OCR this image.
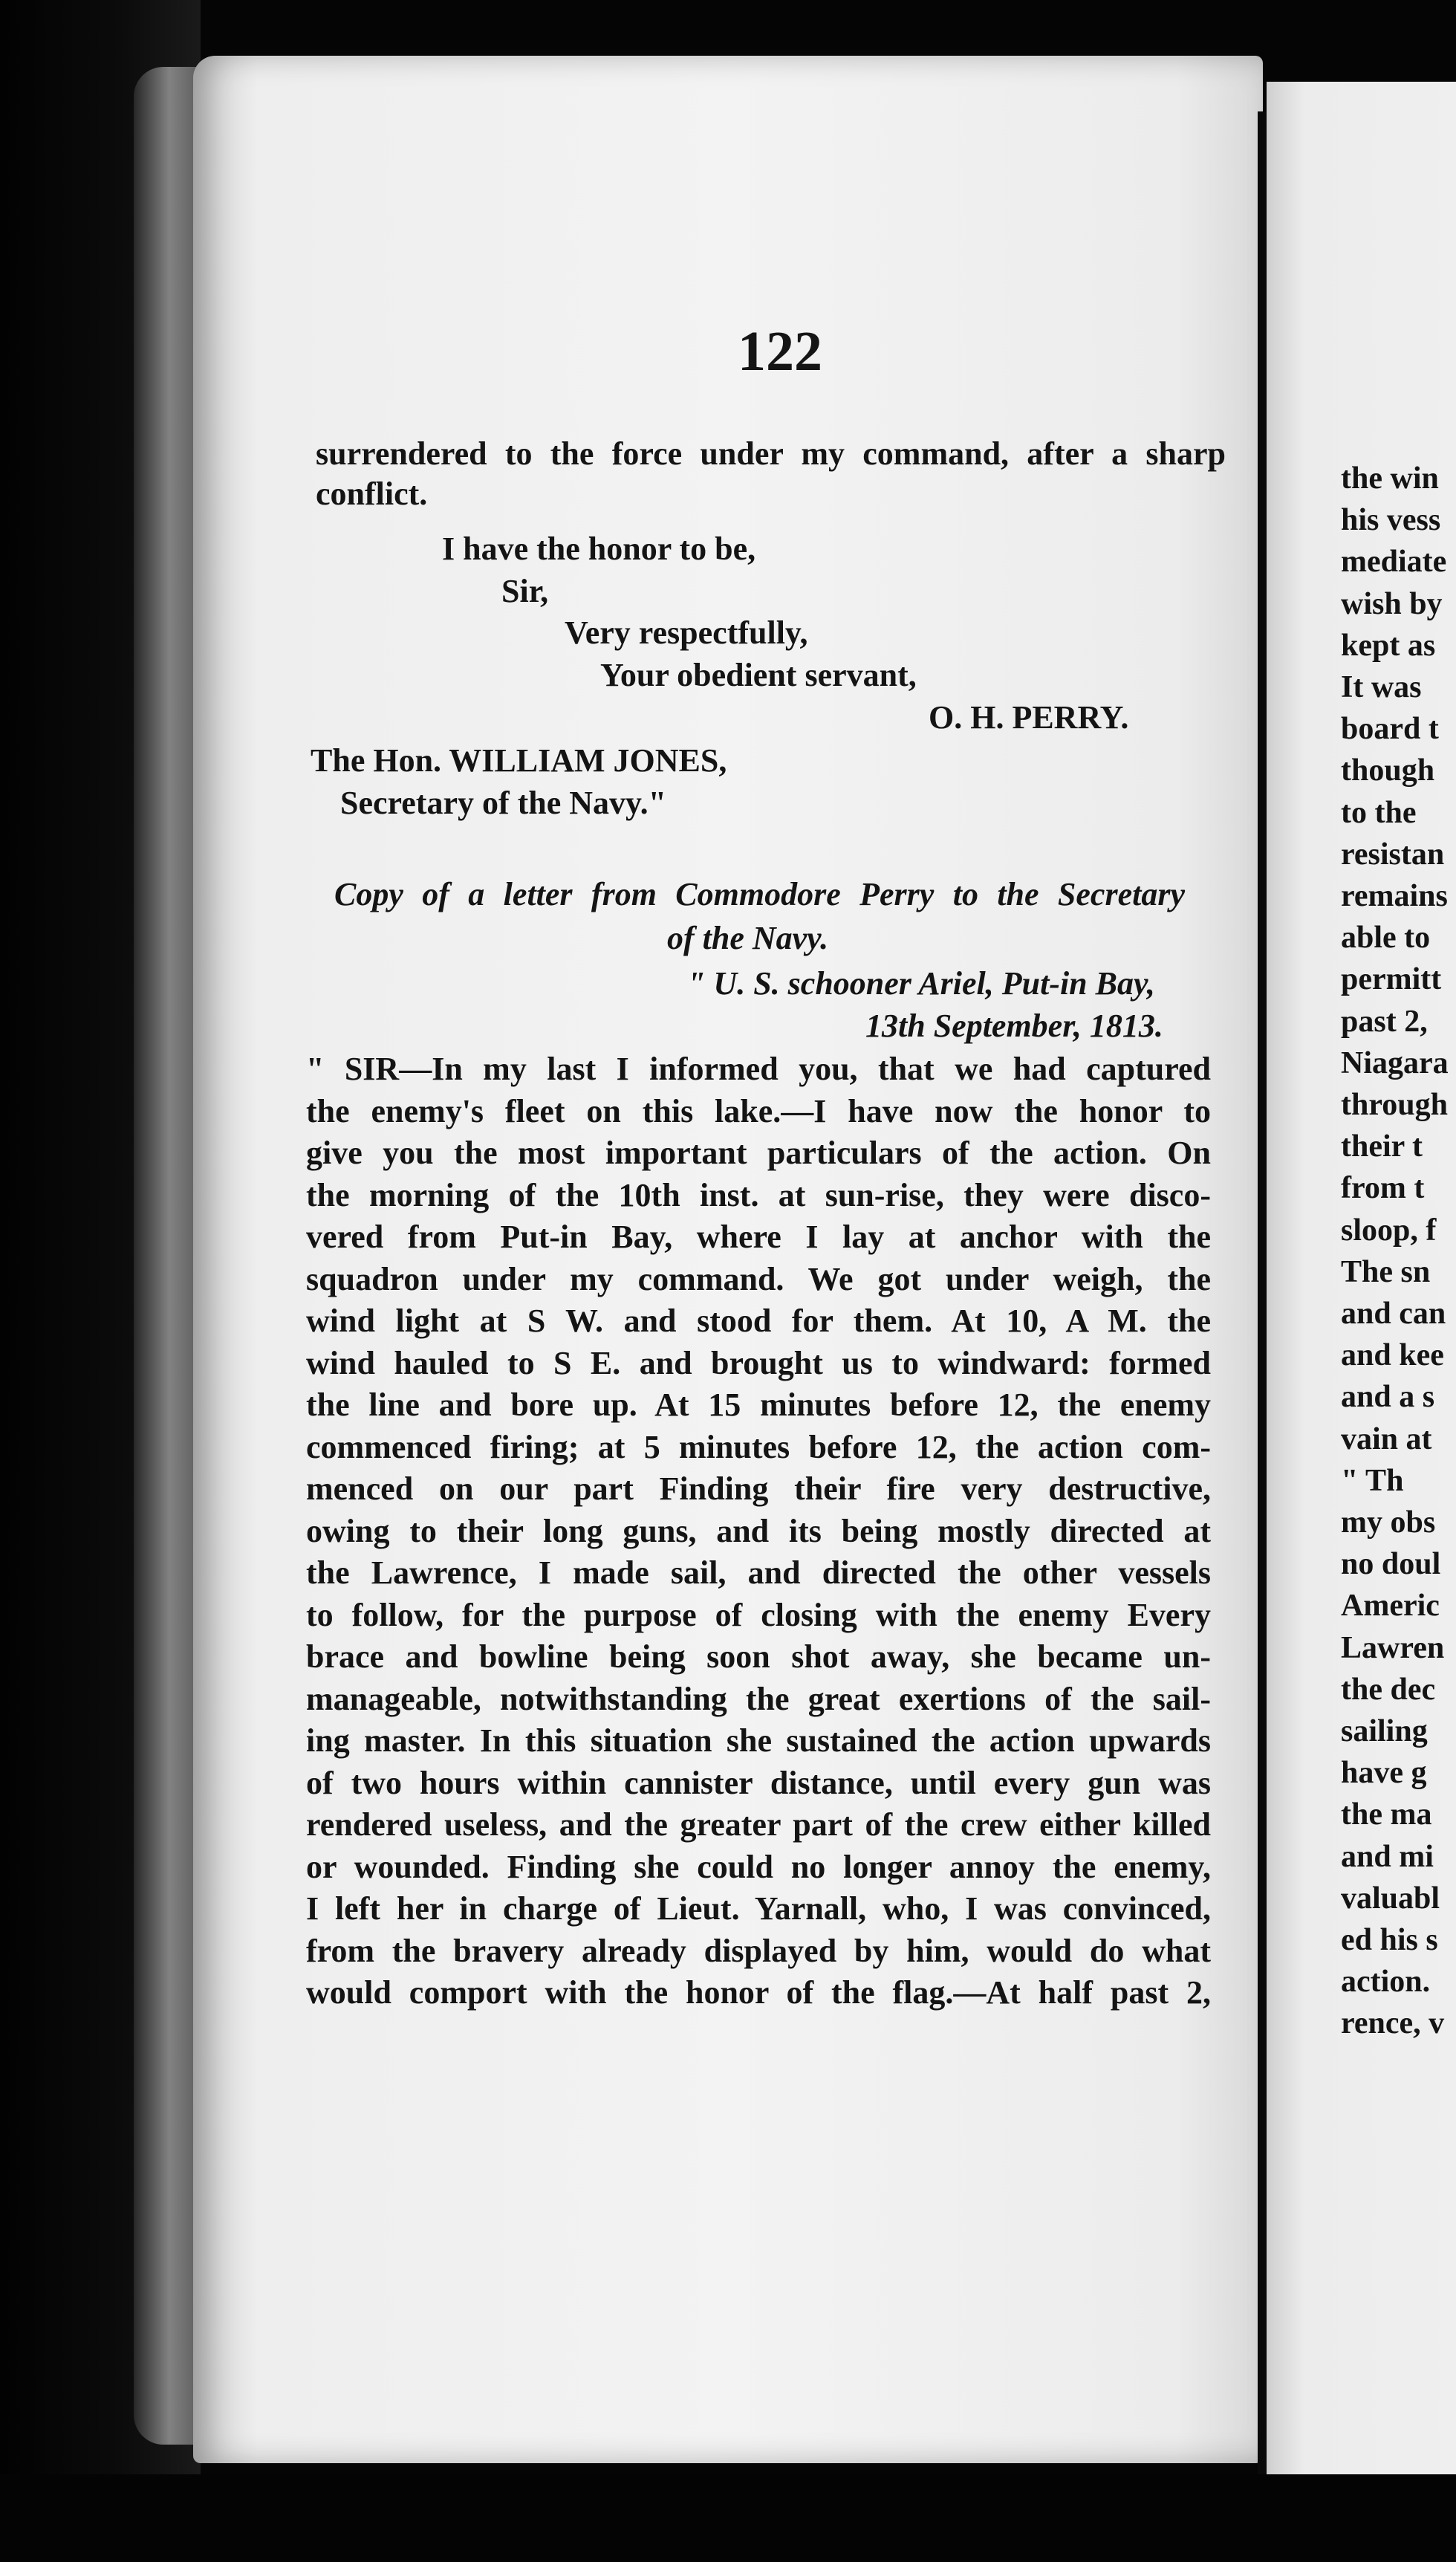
122
surrendered to the force under my command, after a sharp
conflict.
I have the honor to be,
Sir,
Very respectfully,
Your obedient servant,
O. H. PERRY.
The Hon. WILLIAM JONES,
Secretary of the Navy."
Copy of a letter from Commodore Perry to the Secretary
of the Navy.
" U. S. schooner Ariel, Put-in Bay,
13th September, 1813.
" SIR—In my last I informed you, that we had captured
the enemy's fleet on this lake.—I have now the honor to
give you the most important particulars of the action. On
the morning of the 10th inst. at sun-rise, they were disco-
vered from Put-in Bay, where I lay at anchor with the
squadron under my command. We got under weigh, the
wind light at S W. and stood for them. At 10, A M. the
wind hauled to S E. and brought us to windward: formed
the line and bore up. At 15 minutes before 12, the enemy
commenced firing; at 5 minutes before 12, the action com-
menced on our part Finding their fire very destructive,
owing to their long guns, and its being mostly directed at
the Lawrence, I made sail, and directed the other vessels
to follow, for the purpose of closing with the enemy Every
brace and bowline being soon shot away, she became un-
manageable, notwithstanding the great exertions of the sail-
ing master. In this situation she sustained the action upwards
of two hours within cannister distance, until every gun was
rendered useless, and the greater part of the crew either killed
or wounded. Finding she could no longer annoy the enemy,
I left her in charge of Lieut. Yarnall, who, I was convinced,
from the bravery already displayed by him, would do what
would comport with the honor of the flag.—At half past 2,
the win
his vess
mediate
wish by
kept as
It was
board t
though
to the
resistan
remains
able to
permitt
past 2,
Niagara
through
their t
from t
sloop, f
The sn
and can
and kee
and a s
vain at
" Th
my obs
no doul
Americ
Lawren
the dec
sailing
have g
the ma
and mi
valuabl
ed his s
action.
rence, v
